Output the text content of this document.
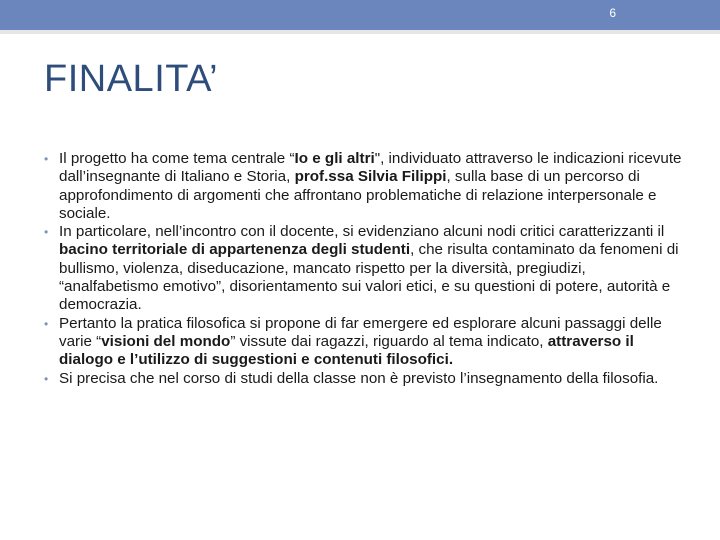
6
FINALITA’

• Il progetto ha come tema centrale “Io e gli altri", individuato attraverso le indicazioni ricevute dall’insegnante di Italiano e Storia, prof.ssa Silvia Filippi, sulla base di un percorso di approfondimento di argomenti che affrontano problematiche di relazione interpersonale e sociale.

• In particolare, nell’incontro con il docente, si evidenziano alcuni nodi critici caratterizzanti il bacino territoriale di appartenenza degli studenti, che risulta contaminato da fenomeni di bullismo, violenza, diseducazione, mancato rispetto per la diversità, pregiudizi, “analfabetismo emotivo”, disorientamento sui valori etici, e su questioni di potere, autorità e democrazia.

• Pertanto la pratica filosofica si propone di far emergere ed esplorare alcuni passaggi delle varie “visioni del mondo” vissute dai ragazzi, riguardo al tema indicato, attraverso il dialogo e l’utilizzo di suggestioni e contenuti filosofici.

• Si precisa che nel corso di studi della classe non è previsto l’insegnamento della filosofia.
